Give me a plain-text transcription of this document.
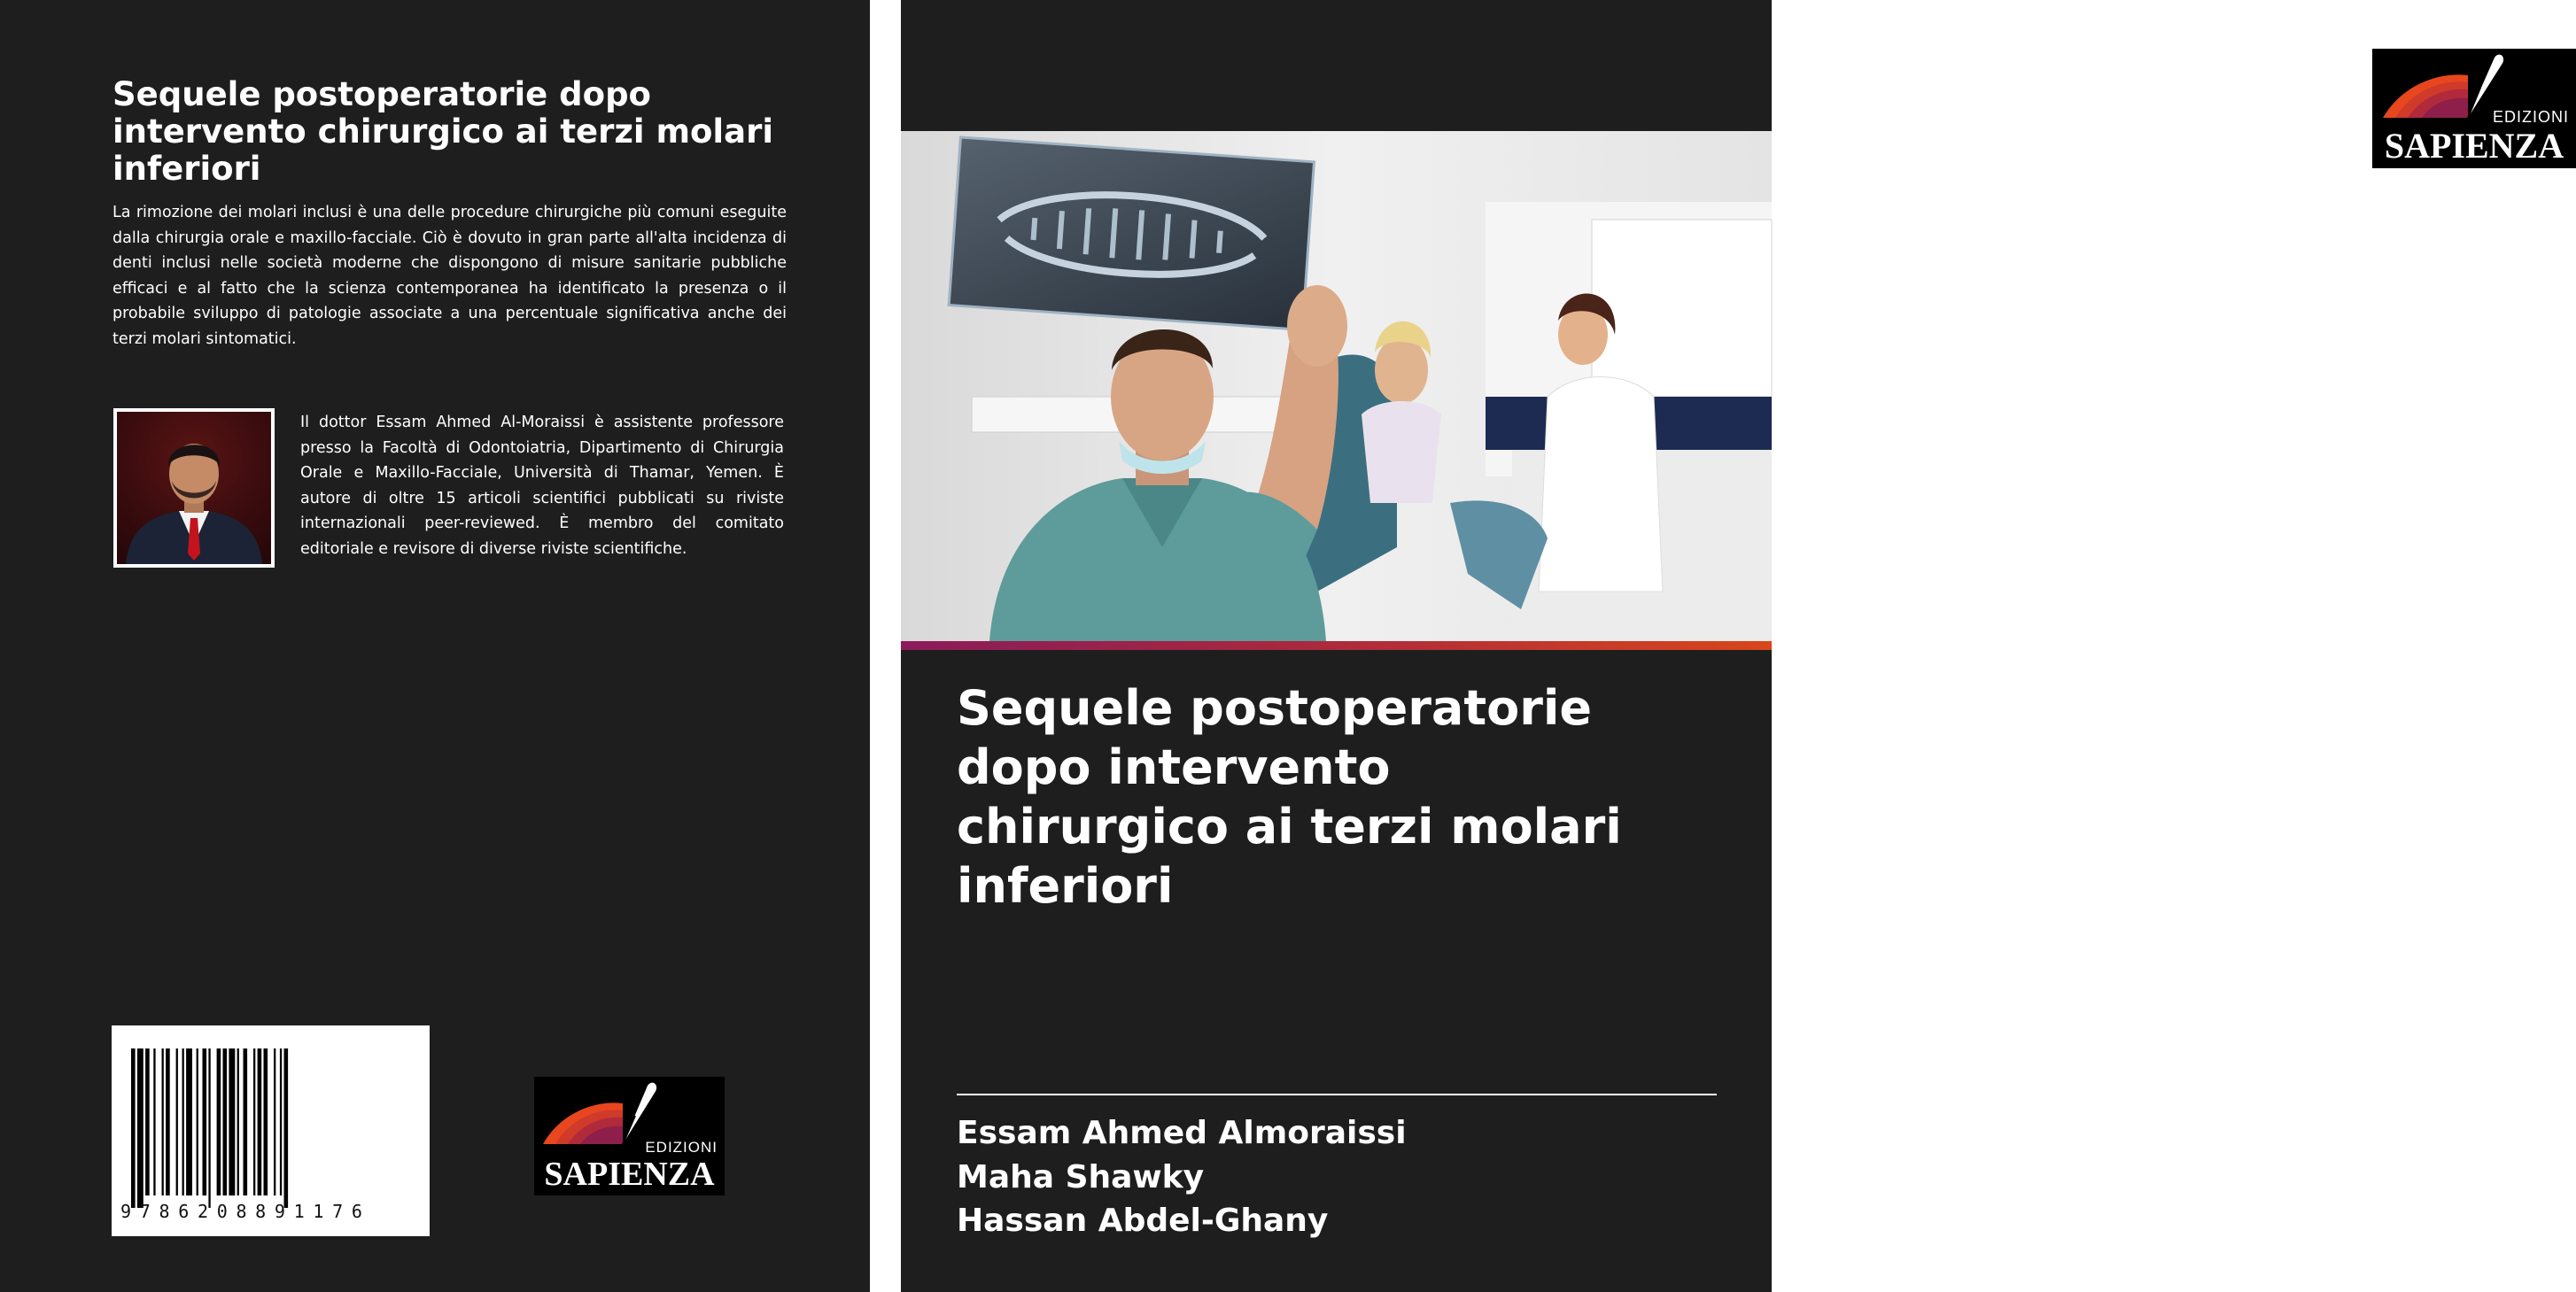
Sequele postoperatorie dopo intervento chirurgico ai terzi molari inferiori

La rimozione dei molari inclusi è una delle procedure chirurgiche più comuni eseguite dalla chirurgia orale e maxillo-facciale. Ciò è dovuto in gran parte all'alta incidenza di denti inclusi nelle società moderne che dispongono di misure sanitarie pubbliche efficaci e al fatto che la scienza contemporanea ha identificato la presenza o il probabile sviluppo di patologie associate a una percentuale significativa anche dei terzi molari sintomatici.

Il dottor Essam Ahmed Al-Moraissi è assistente professore presso la Facoltà di Odontoiatria, Dipartimento di Chirurgia Orale e Maxillo-Facciale, Università di Thamar, Yemen. È autore di oltre 15 articoli scientifici pubblicati su riviste internazionali peer-reviewed. È membro del comitato editoriale e revisore di diverse riviste scientifiche.

9786208891176

EDIZIONI
SAPIENZA
EDIZIONI
SAPIENZA
Sequele postoperatorie dopo intervento chirurgico ai terzi molari inferiori
Essam Ahmed Almoraissi
Maha Shawky
Hassan Abdel-Ghany
